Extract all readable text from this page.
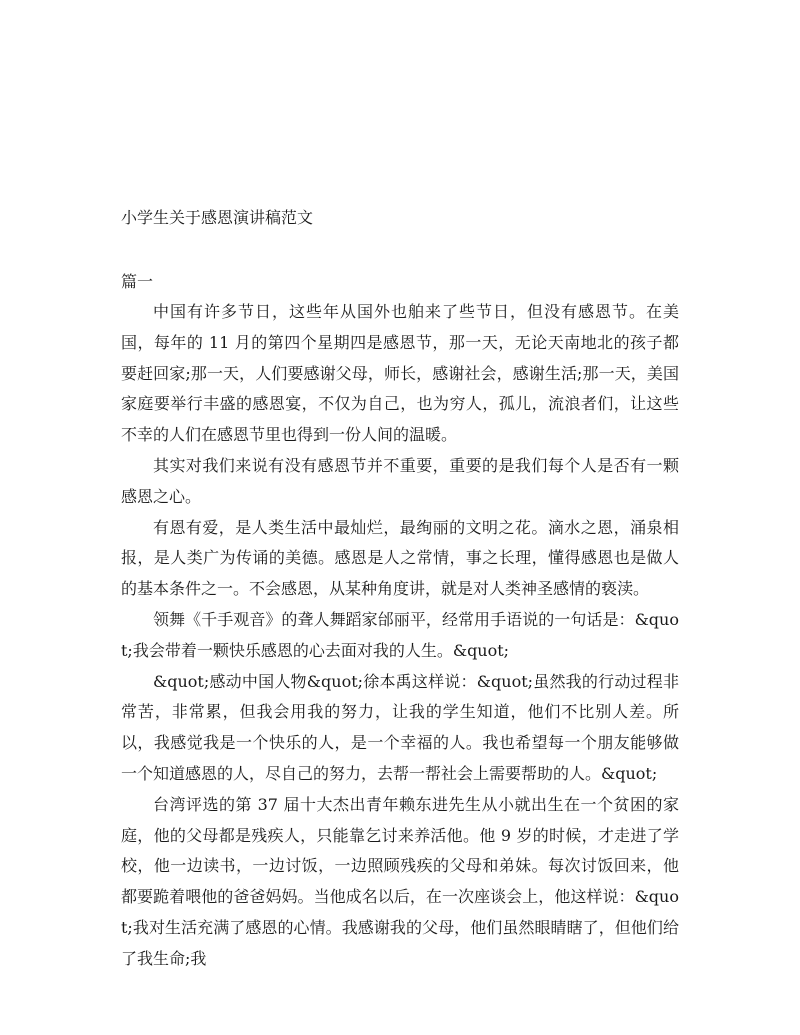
小学生关于感恩演讲稿范文
篇一

中国有许多节日，这些年从国外也舶来了些节日，但没有感恩节。在美国，每年的 11 月的第四个星期四是感恩节，那一天，无论天南地北的孩子都要赶回家;那一天，人们要感谢父母，师长，感谢社会，感谢生活;那一天，美国家庭要举行丰盛的感恩宴，不仅为自己，也为穷人，孤儿，流浪者们，让这些不幸的人们在感恩节里也得到一份人间的温暖。

其实对我们来说有没有感恩节并不重要，重要的是我们每个人是否有一颗感恩之心。

有恩有爱，是人类生活中最灿烂，最绚丽的文明之花。滴水之恩，涌泉相报，是人类广为传诵的美德。感恩是人之常情，事之长理，懂得感恩也是做人的基本条件之一。不会感恩，从某种角度讲，就是对人类神圣感情的亵渎。

领舞《千手观音》的聋人舞蹈家邰丽平，经常用手语说的一句话是：&quot;我会带着一颗快乐感恩的心去面对我的人生。&quot;

&quot;感动中国人物&quot;徐本禹这样说：&quot;虽然我的行动过程非常苦，非常累，但我会用我的努力，让我的学生知道，他们不比别人差。所以，我感觉我是一个快乐的人，是一个幸福的人。我也希望每一个朋友能够做一个知道感恩的人，尽自己的努力，去帮一帮社会上需要帮助的人。&quot;

台湾评选的第 37 届十大杰出青年赖东进先生从小就出生在一个贫困的家庭，他的父母都是残疾人，只能靠乞讨来养活他。他 9 岁的时候，才走进了学校，他一边读书，一边讨饭，一边照顾残疾的父母和弟妹。每次讨饭回来，他都要跪着喂他的爸爸妈妈。当他成名以后，在一次座谈会上，他这样说：&quot;我对生活充满了感恩的心情。我感谢我的父母，他们虽然眼睛瞎了，但他们给了我生命;我
